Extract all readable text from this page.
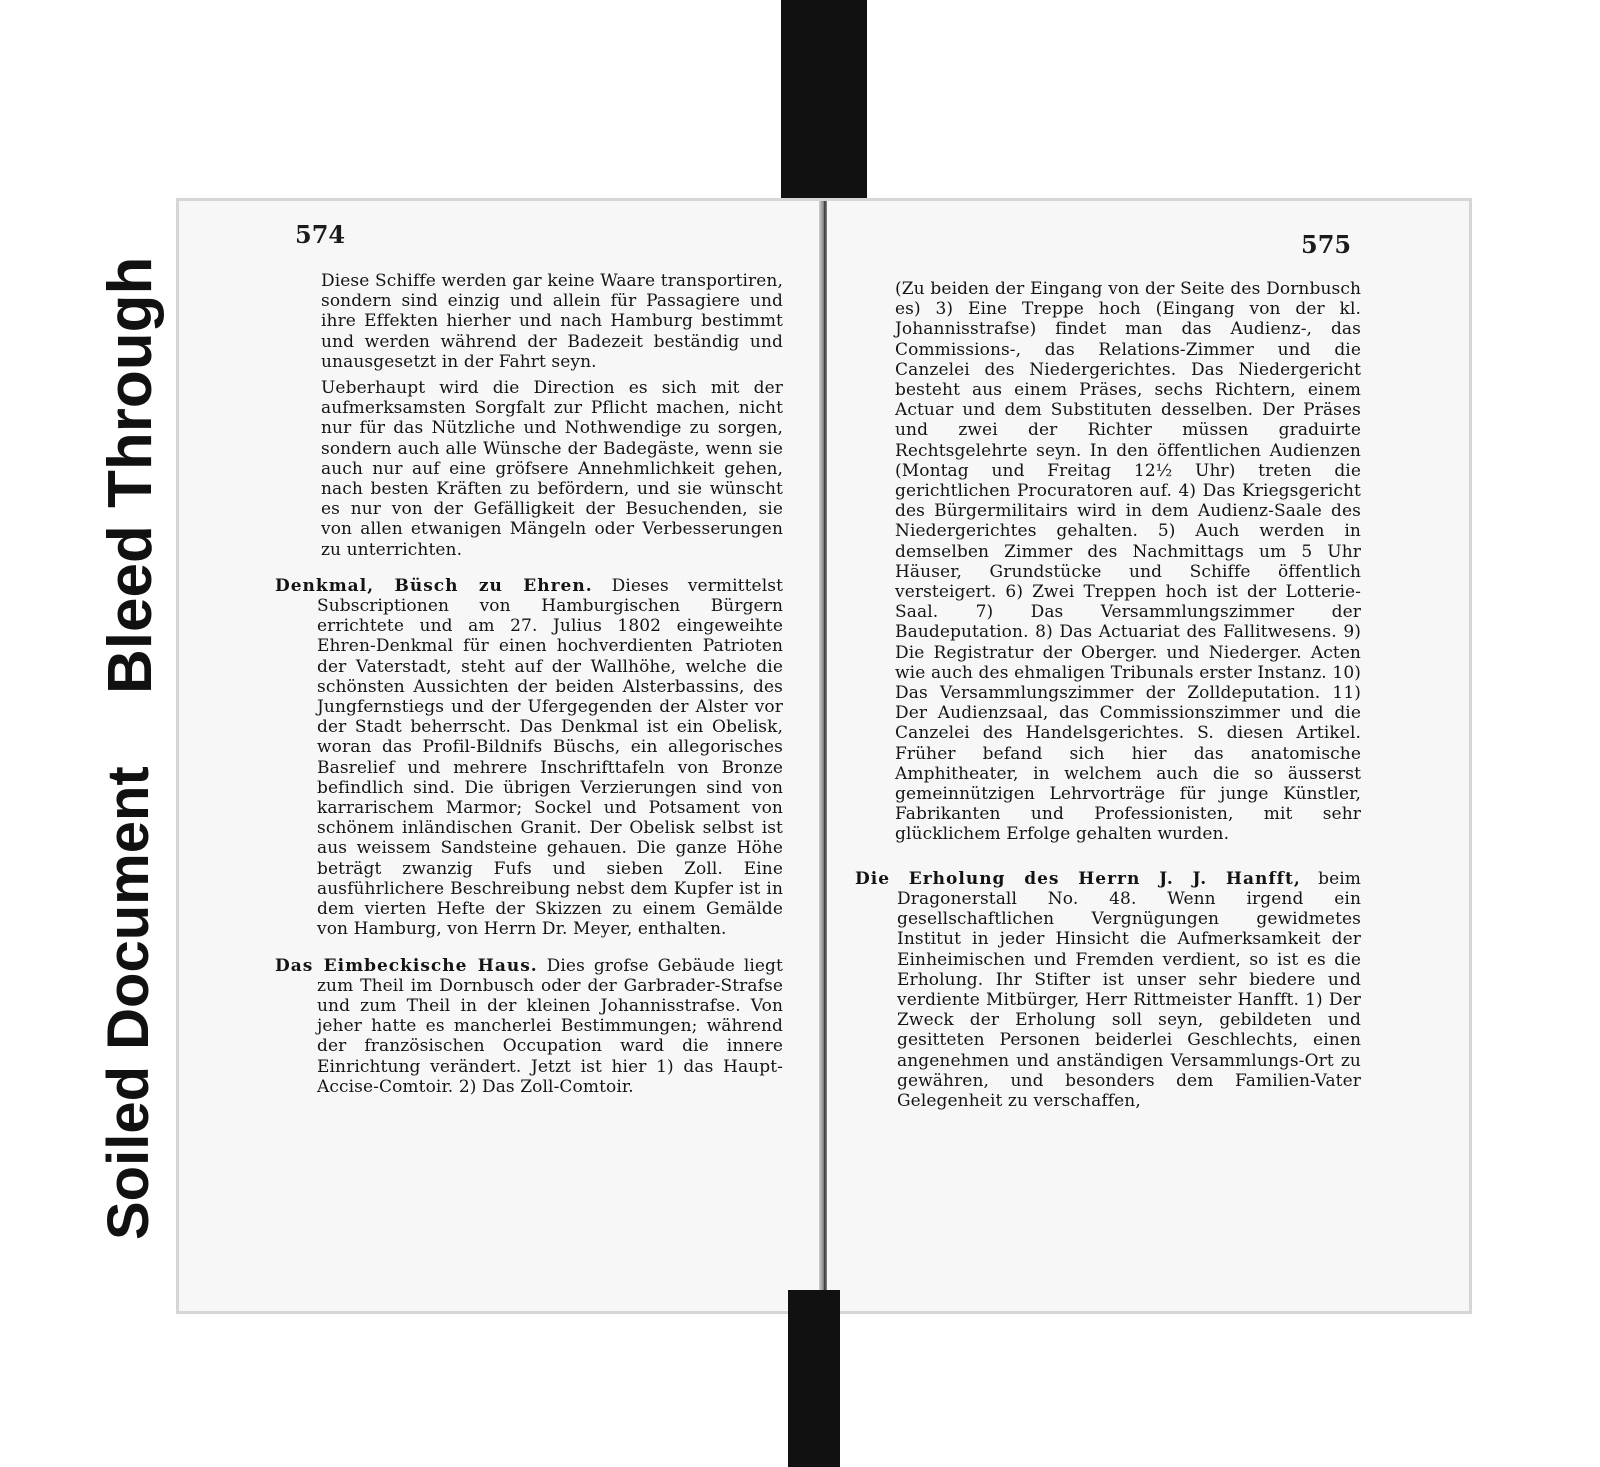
Bleed Through
Soiled Document
574

Diese Schiffe werden gar keine Waare transportiren, sondern sind einzig und allein für Passagiere und ihre Effekten hierher und nach Hamburg bestimmt und werden während der Badezeit beständig und unausgesetzt in der Fahrt seyn.

Ueberhaupt wird die Direction es sich mit der aufmerksamsten Sorgfalt zur Pflicht machen, nicht nur für das Nützliche und Nothwendige zu sorgen, sondern auch alle Wünsche der Badegäste, wenn sie auch nur auf eine gröfsere Annehmlichkeit gehen, nach besten Kräften zu befördern, und sie wünscht es nur von der Gefälligkeit der Besuchenden, sie von allen etwanigen Mängeln oder Verbesserungen zu unterrichten.

Denkmal, Büsch zu Ehren. Dieses vermittelst Subscriptionen von Hamburgischen Bürgern errichtete und am 27. Julius 1802 eingeweihte Ehren-Denkmal für einen hochverdienten Patrioten der Vaterstadt, steht auf der Wallhöhe, welche die schönsten Aussichten der beiden Alsterbassins, des Jungfernstiegs und der Ufergegenden der Alster vor der Stadt beherrscht. Das Denkmal ist ein Obelisk, woran das Profil-Bildnifs Büschs, ein allegorisches Basrelief und mehrere Inschrifttafeln von Bronze befindlich sind. Die übrigen Verzierungen sind von karrarischem Marmor; Sockel und Potsament von schönem inländischen Granit. Der Obelisk selbst ist aus weissem Sandsteine gehauen. Die ganze Höhe beträgt zwanzig Fufs und sieben Zoll. Eine ausführlichere Beschreibung nebst dem Kupfer ist in dem vierten Hefte der Skizzen zu einem Gemälde von Hamburg, von Herrn Dr. Meyer, enthalten.

Das Eimbeckische Haus. Dies grofse Gebäude liegt zum Theil im Dornbusch oder der Garbrader-Strafse und zum Theil in der kleinen Johannisstrafse. Von jeher hatte es mancherlei Bestimmungen; während der französischen Occupation ward die innere Einrichtung verändert. Jetzt ist hier 1) das Haupt-Accise-Comtoir. 2) Das Zoll-Comtoir.

575

(Zu beiden der Eingang von der Seite des Dornbusch es) 3) Eine Treppe hoch (Eingang von der kl. Johannisstrafse) findet man das Audienz-, das Commissions-, das Relations-Zimmer und die Canzelei des Niedergerichtes. Das Niedergericht besteht aus einem Präses, sechs Richtern, einem Actuar und dem Substituten desselben. Der Präses und zwei der Richter müssen graduirte Rechtsgelehrte seyn. In den öffentlichen Audienzen (Montag und Freitag 12½ Uhr) treten die gerichtlichen Procuratoren auf. 4) Das Kriegsgericht des Bürgermilitairs wird in dem Audienz-Saale des Niedergerichtes gehalten. 5) Auch werden in demselben Zimmer des Nachmittags um 5 Uhr Häuser, Grundstücke und Schiffe öffentlich versteigert. 6) Zwei Treppen hoch ist der Lotterie-Saal. 7) Das Versammlungszimmer der Baudeputation. 8) Das Actuariat des Fallitwesens. 9) Die Registratur der Oberger. und Niederger. Acten wie auch des ehmaligen Tribunals erster Instanz. 10) Das Versammlungszimmer der Zolldeputation. 11) Der Audienzsaal, das Commissionszimmer und die Canzelei des Handelsgerichtes. S. diesen Artikel. Früher befand sich hier das anatomische Amphitheater, in welchem auch die so äusserst gemeinnützigen Lehrvorträge für junge Künstler, Fabrikanten und Professionisten, mit sehr glücklichem Erfolge gehalten wurden.

Die Erholung des Herrn J. J. Hanfft, beim Dragonerstall No. 48. Wenn irgend ein gesellschaftlichen Vergnügungen gewidmetes Institut in jeder Hinsicht die Aufmerksamkeit der Einheimischen und Fremden verdient, so ist es die Erholung. Ihr Stifter ist unser sehr biedere und verdiente Mitbürger, Herr Rittmeister Hanfft. 1) Der Zweck der Erholung soll seyn, gebildeten und gesitteten Personen beiderlei Geschlechts, einen angenehmen und anständigen Versammlungs-Ort zu gewähren, und besonders dem Familien-Vater Gelegenheit zu verschaffen,
